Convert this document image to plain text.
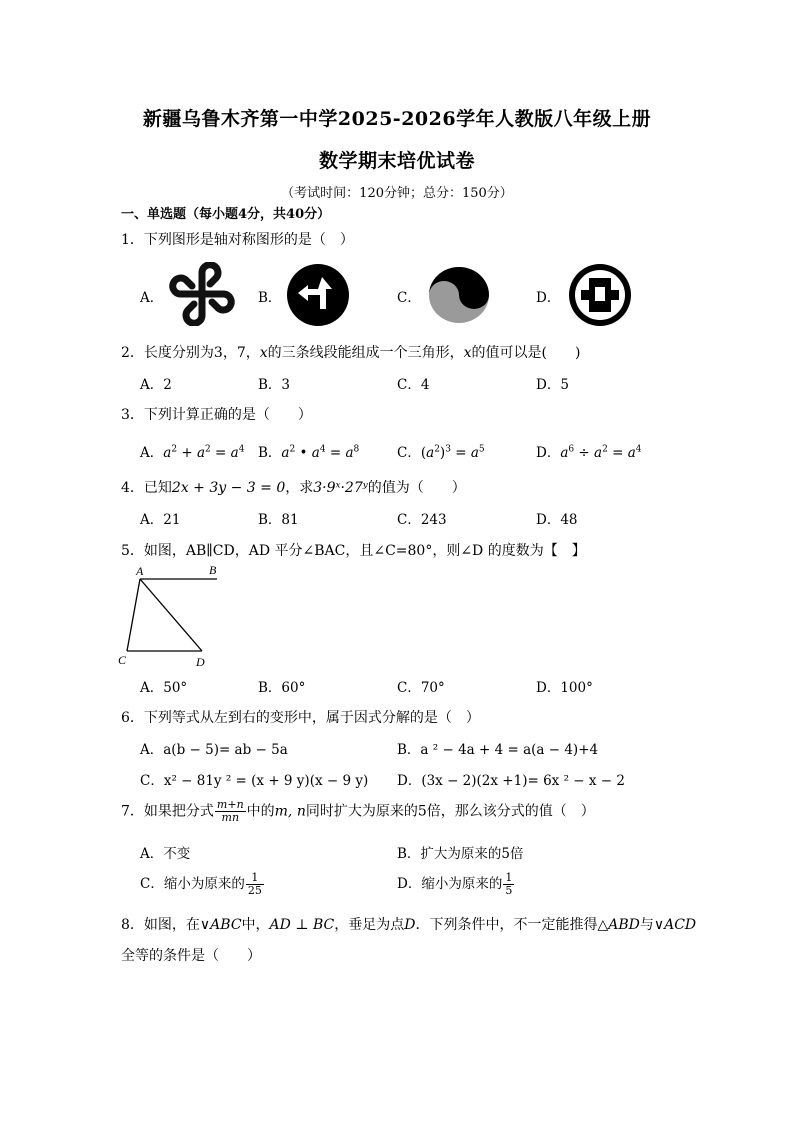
新疆乌鲁木齐第一中学2025-2026学年人教版八年级上册
数学期末培优试卷
（考试时间：120分钟；总分：150分）
一、单选题（每小题4分，共40分）
1．下列图形是轴对称图形的是（　）
A．	B．	C．	D．
2．长度分别为3，7，x的三条线段能组成一个三角形，x的值可以是(　　)
A．2	B．3	C．4	D．5
3．下列计算正确的是（　　）
A．$a^2 + a^2 = a^4$ B．$a^2$ • $a^4 = a^8$	C．$(a^2)^3 = a^5$	D．$a^6 \div a^2 = a^4$
4．已知2x + 3y − 3 = 0，求3·9ˣ·27ʸ的值为（　　）
A．21	B．81	C．243	D．48
5．如图，AB∥CD，AD 平分∠BAC，且∠C=80°，则∠D 的度数为【　】
A	B
C	D
A．50°	B．60°	C．70°	D．100°
6．下列等式从左到右的变形中，属于因式分解的是（　）
A．a(b − 5)= ab − 5a	B．a ² − 4a + 4 = a(a − 4)+4
C．x² − 81y ² = (x + 9 y)(x − 9 y) D．(3x − 2)(2x +1)= 6x ² − x − 2
7．如果把分式 $\frac{m+n}{mn}$ 中的m, n同时扩大为原来的5倍，那么该分式的值（　）
A．不变	B．扩大为原来的5倍
C．缩小为原来的 $\frac{1}{25}$	D．缩小为原来的 $\frac{1}{5}$
8．如图，在∨ABC中，AD ⊥ BC，垂足为点D．下列条件中，不一定能推得△ABD与∨ACD
全等的条件是（　　）
